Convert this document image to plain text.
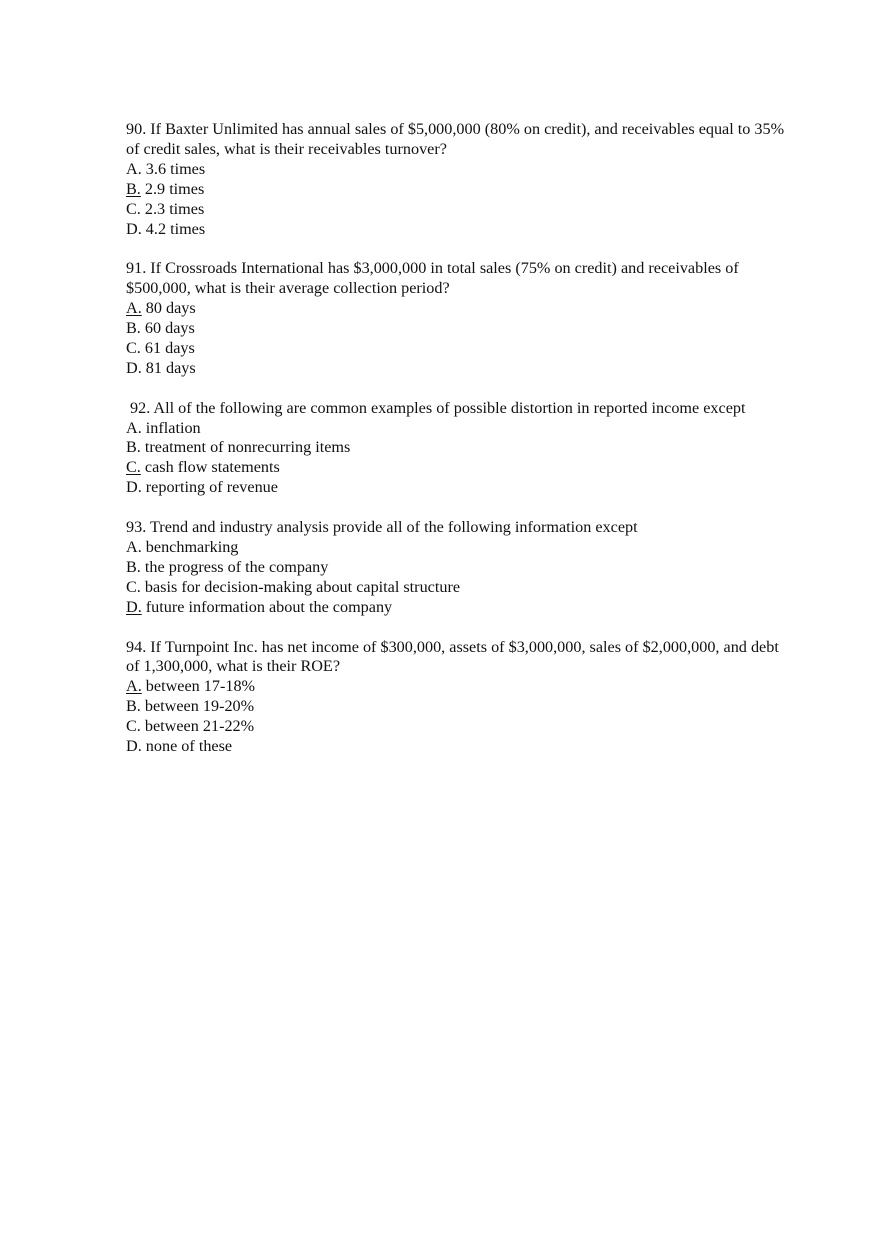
90. If Baxter Unlimited has annual sales of $5,000,000 (80% on credit), and receivables equal to 35% of credit sales, what is their receivables turnover?
A. 3.6 times
B. 2.9 times
C. 2.3 times
D. 4.2 times
91. If Crossroads International has $3,000,000 in total sales (75% on credit) and receivables of $500,000, what is their average collection period?
A. 80 days
B. 60 days
C. 61 days
D. 81 days
92. All of the following are common examples of possible distortion in reported income except
A. inflation
B. treatment of nonrecurring items
C. cash flow statements
D. reporting of revenue
93. Trend and industry analysis provide all of the following information except
A. benchmarking
B. the progress of the company
C. basis for decision-making about capital structure
D. future information about the company
94. If Turnpoint Inc. has net income of $300,000, assets of $3,000,000, sales of $2,000,000, and debt of 1,300,000, what is their ROE?
A. between 17-18%
B. between 19-20%
C. between 21-22%
D. none of these
